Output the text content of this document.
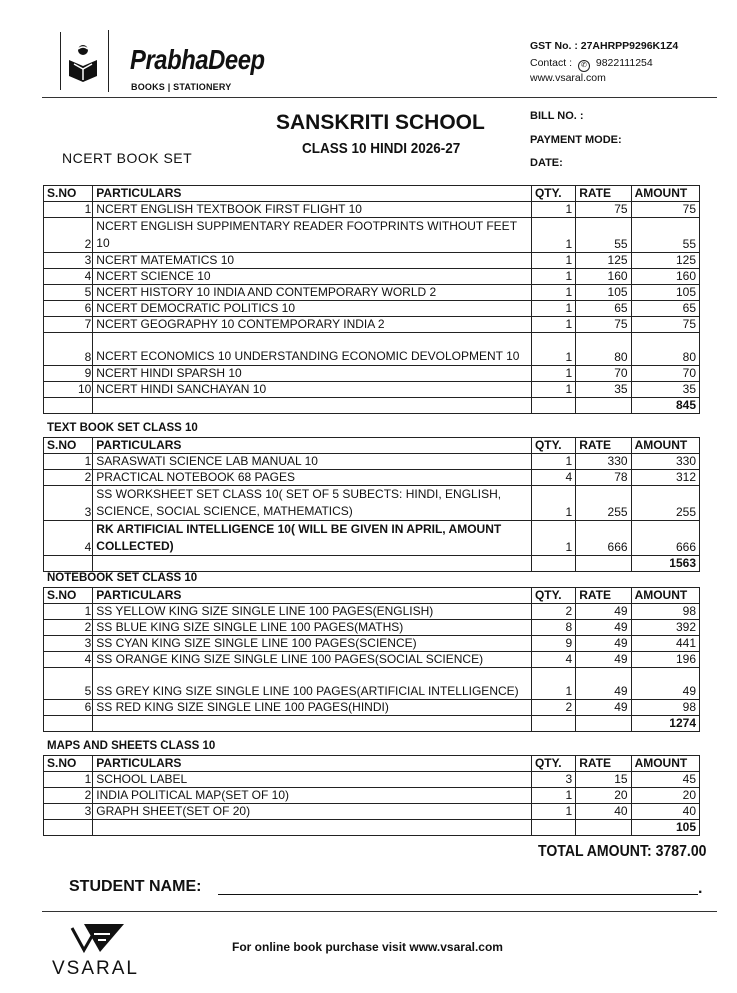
PrabhaDeep
BOOKS | STATIONERY
GST No. : 27AHRPP9296K1Z4
Contact : ✆ 9822111254
www.vsaral.com
SANSKRITI SCHOOL
CLASS 10 HINDI 2026-27
NCERT BOOK SET
BILL NO. :
PAYMENT MODE:
DATE:
S.NO	PARTICULARS	QTY.	RATE	AMOUNT
1	NCERT ENGLISH TEXTBOOK FIRST FLIGHT 10	1	75	75
2	NCERT ENGLISH SUPPIMENTARY READER FOOTPRINTS WITHOUT FEET 10	1	55	55
3	NCERT MATEMATICS 10	1	125	125
4	NCERT SCIENCE 10	1	160	160
5	NCERT HISTORY 10 INDIA AND CONTEMPORARY WORLD 2	1	105	105
6	NCERT DEMOCRATIC POLITICS 10	1	65	65
7	NCERT GEOGRAPHY 10 CONTEMPORARY INDIA 2	1	75	75
8	NCERT ECONOMICS 10 UNDERSTANDING ECONOMIC DEVOLOPMENT 10	1	80	80
9	NCERT HINDI SPARSH 10	1	70	70
10	NCERT HINDI SANCHAYAN 10	1	35	35
				845
TEXT BOOK SET CLASS 10
S.NO	PARTICULARS	QTY.	RATE	AMOUNT
1	SARASWATI SCIENCE LAB MANUAL 10	1	330	330
2	PRACTICAL NOTEBOOK 68 PAGES	4	78	312
3	SS WORKSHEET SET CLASS 10( SET OF 5 SUBECTS: HINDI, ENGLISH, SCIENCE, SOCIAL SCIENCE, MATHEMATICS)	1	255	255
4	RK ARTIFICIAL INTELLIGENCE 10( WILL BE GIVEN IN APRIL, AMOUNT COLLECTED)	1	666	666
				1563
NOTEBOOK SET CLASS 10
S.NO	PARTICULARS	QTY.	RATE	AMOUNT
1	SS YELLOW KING SIZE SINGLE LINE 100 PAGES(ENGLISH)	2	49	98
2	SS BLUE KING SIZE SINGLE LINE 100 PAGES(MATHS)	8	49	392
3	SS CYAN KING SIZE SINGLE LINE 100 PAGES(SCIENCE)	9	49	441
4	SS ORANGE KING SIZE SINGLE LINE 100 PAGES(SOCIAL SCIENCE)	4	49	196
5	SS GREY KING SIZE SINGLE LINE 100 PAGES(ARTIFICIAL INTELLIGENCE)	1	49	49
6	SS RED KING SIZE SINGLE LINE 100 PAGES(HINDI)	2	49	98
				1274
MAPS AND SHEETS CLASS 10
S.NO	PARTICULARS	QTY.	RATE	AMOUNT
1	SCHOOL LABEL	3	15	45
2	INDIA POLITICAL MAP(SET OF 10)	1	20	20
3	GRAPH SHEET(SET OF 20)	1	40	40
				105
TOTAL AMOUNT: 3787.00
STUDENT NAME:	.
VSARAL
For online book purchase visit www.vsaral.com
